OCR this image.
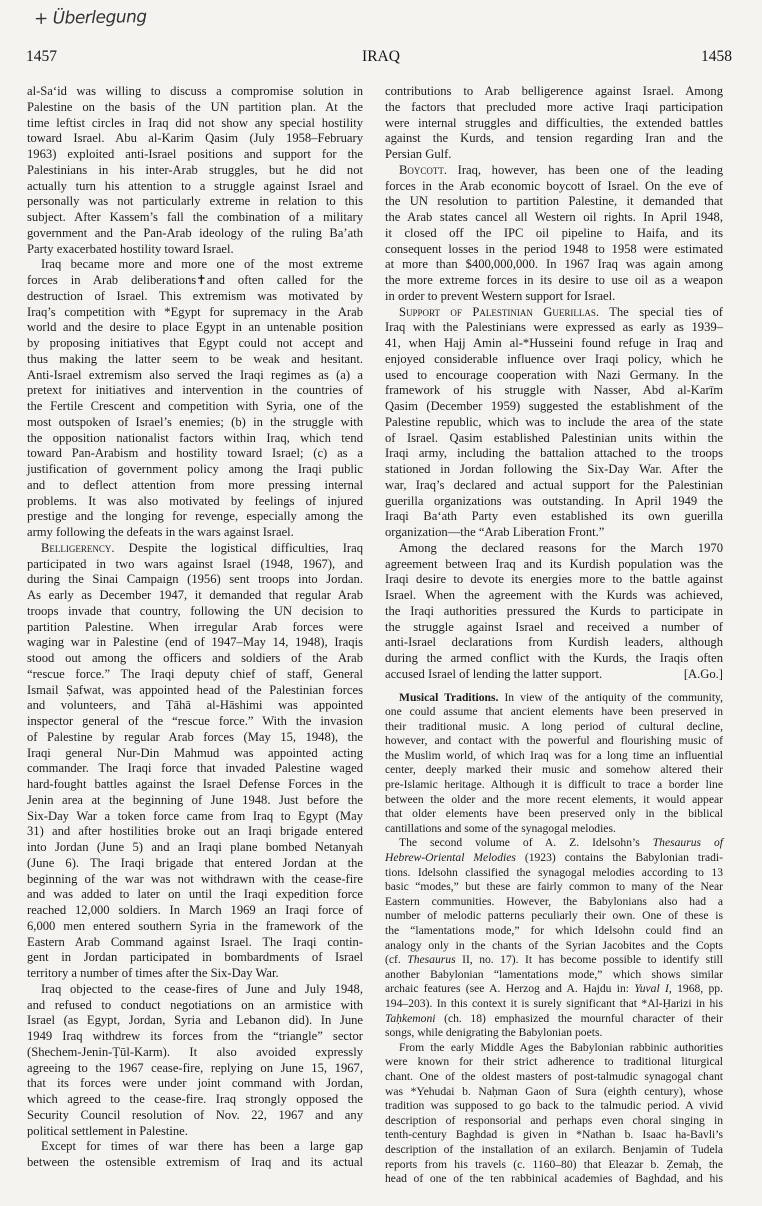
+ Überlegung
1457	IRAQ	1458
al-Sa‘id was willing to discuss a compromise solution in
Palestine on the basis of the UN partition plan. At the
time leftist circles in Iraq did not show any special hostility
toward Israel. Abu al-Karim Qasim (July 1958–February
1963) exploited anti-Israel positions and support for the
Palestinians in his inter-Arab struggles, but he did not
actually turn his attention to a struggle against Israel and
personally was not particularly extreme in relation to this
subject. After Kassem’s fall the combination of a military
government and the Pan-Arab ideology of the ruling Ba’ath
Party exacerbated hostility toward Israel.
Iraq became more and more one of the most extreme
forces in Arab deliberations✝and often called for the
destruction of Israel. This extremism was motivated by
Iraq’s competition with *Egypt for supremacy in the Arab
world and the desire to place Egypt in an untenable position
by proposing initiatives that Egypt could not accept and
thus making the latter seem to be weak and hesitant.
Anti-Israel extremism also served the Iraqi regimes as (a) a
pretext for initiatives and intervention in the countries of
the Fertile Crescent and competition with Syria, one of the
most outspoken of Israel’s enemies; (b) in the struggle with
the opposition nationalist factors within Iraq, which tend
toward Pan-Arabism and hostility toward Israel; (c) as a
justification of government policy among the Iraqi public
and to deflect attention from more pressing internal
problems. It was also motivated by feelings of injured
prestige and the longing for revenge, especially among the
army following the defeats in the wars against Israel.
Belligerency. Despite the logistical difficulties, Iraq
participated in two wars against Israel (1948, 1967), and
during the Sinai Campaign (1956) sent troops into Jordan.
As early as December 1947, it demanded that regular Arab
troops invade that country, following the UN decision to
partition Palestine. When irregular Arab forces were
waging war in Palestine (end of 1947–May 14, 1948), Iraqis
stood out among the officers and soldiers of the Arab
“rescue force.” The Iraqi deputy chief of staff, General
Ismail Ṣafwat, was appointed head of the Palestinian forces
and volunteers, and Ṭāhā al-Hāshimi was appointed
inspector general of the “rescue force.” With the invasion
of Palestine by regular Arab forces (May 15, 1948), the
Iraqi general Nur-Din Mahmud was appointed acting
commander. The Iraqi force that invaded Palestine waged
hard-fought battles against the Israel Defense Forces in the
Jenin area at the beginning of June 1948. Just before the
Six-Day War a token force came from Iraq to Egypt (May
31) and after hostilities broke out an Iraqi brigade entered
into Jordan (June 5) and an Iraqi plane bombed Netanyah
(June 6). The Iraqi brigade that entered Jordan at the
beginning of the war was not withdrawn with the cease-fire
and was added to later on until the Iraqi expedition force
reached 12,000 soldiers. In March 1969 an Iraqi force of
6,000 men entered southern Syria in the framework of the
Eastern Arab Command against Israel. The Iraqi contin-
gent in Jordan participated in bombardments of Israel
territory a number of times after the Six-Day War.
Iraq objected to the cease-fires of June and July 1948,
and refused to conduct negotiations on an armistice with
Israel (as Egypt, Jordan, Syria and Lebanon did). In June
1949 Iraq withdrew its forces from the “triangle” sector
(Shechem-Jenin-Ṭūl-Karm). It also avoided expressly
agreeing to the 1967 cease-fire, replying on June 15, 1967,
that its forces were under joint command with Jordan,
which agreed to the cease-fire. Iraq strongly opposed the
Security Council resolution of Nov. 22, 1967 and any
political settlement in Palestine.
Except for times of war there has been a large gap
between the ostensible extremism of Iraq and its actual
contributions to Arab belligerence against Israel. Among
the factors that precluded more active Iraqi participation
were internal struggles and difficulties, the extended battles
against the Kurds, and tension regarding Iran and the
Persian Gulf.
Boycott. Iraq, however, has been one of the leading
forces in the Arab economic boycott of Israel. On the eve of
the UN resolution to partition Palestine, it demanded that
the Arab states cancel all Western oil rights. In April 1948,
it closed off the IPC oil pipeline to Haifa, and its
consequent losses in the period 1948 to 1958 were estimated
at more than $400,000,000. In 1967 Iraq was again among
the more extreme forces in its desire to use oil as a weapon
in order to prevent Western support for Israel.
Support of Palestinian Guerillas. The special ties of
Iraq with the Palestinians were expressed as early as 1939–
41, when Hajj Amin al-*Husseini found refuge in Iraq and
enjoyed considerable influence over Iraqi policy, which he
used to encourage cooperation with Nazi Germany. In the
framework of his struggle with Nasser, Abd al-Karīm
Qasim (December 1959) suggested the establishment of the
Palestine republic, which was to include the area of the state
of Israel. Qasim established Palestinian units within the
Iraqi army, including the battalion attached to the troops
stationed in Jordan following the Six-Day War. After the
war, Iraq’s declared and actual support for the Palestinian
guerilla organizations was outstanding. In April 1949 the
Iraqi Ba‘ath Party even established its own guerilla
organization—the “Arab Liberation Front.”
Among the declared reasons for the March 1970
agreement between Iraq and its Kurdish population was the
Iraqi desire to devote its energies more to the battle against
Israel. When the agreement with the Kurds was achieved,
the Iraqi authorities pressured the Kurds to participate in
the struggle against Israel and received a number of
anti-Israel declarations from Kurdish leaders, although
during the armed conflict with the Kurds, the Iraqis often
accused Israel of lending the latter support.	[A.Go.]
Musical Traditions. In view of the antiquity of the community,
one could assume that ancient elements have been preserved in
their traditional music. A long period of cultural decline,
however, and contact with the powerful and flourishing music of
the Muslim world, of which Iraq was for a long time an influential
center, deeply marked their music and somehow altered their
pre-Islamic heritage. Although it is difficult to trace a border line
between the older and the more recent elements, it would appear
that older elements have been preserved only in the biblical
cantillations and some of the synagogal melodies.
The second volume of A. Z. Idelsohn’s Thesaurus of
Hebrew-Oriental Melodies (1923) contains the Babylonian tradi-
tions. Idelsohn classified the synagogal melodies according to 13
basic “modes,” but these are fairly common to many of the Near
Eastern communities. However, the Babylonians also had a
number of melodic patterns peculiarly their own. One of these is
the “lamentations mode,” for which Idelsohn could find an
analogy only in the chants of the Syrian Jacobites and the Copts
(cf. Thesaurus II, no. 17). It has become possible to identify still
another Babylonian “lamentations mode,” which shows similar
archaic features (see A. Herzog and A. Hajdu in: Yuval I, 1968, pp.
194–203). In this context it is surely significant that *Al-Ḥarizi in his
Taḥkemoni (ch. 18) emphasized the mournful character of their
songs, while denigrating the Babylonian poets.
From the early Middle Ages the Babylonian rabbinic authorities
were known for their strict adherence to traditional liturgical
chant. One of the oldest masters of post-talmudic synagogal chant
was *Yehudai b. Naḥman Gaon of Sura (eighth century), whose
tradition was supposed to go back to the talmudic period. A vivid
description of responsorial and perhaps even choral singing in
tenth-century Baghdad is given in *Nathan b. Isaac ha-Bavli’s
description of the installation of an exilarch. Benjamin of Tudela
reports from his travels (c. 1160–80) that Eleazar b. Ẓemaḥ, the
head of one of the ten rabbinical academies of Baghdad, and his
